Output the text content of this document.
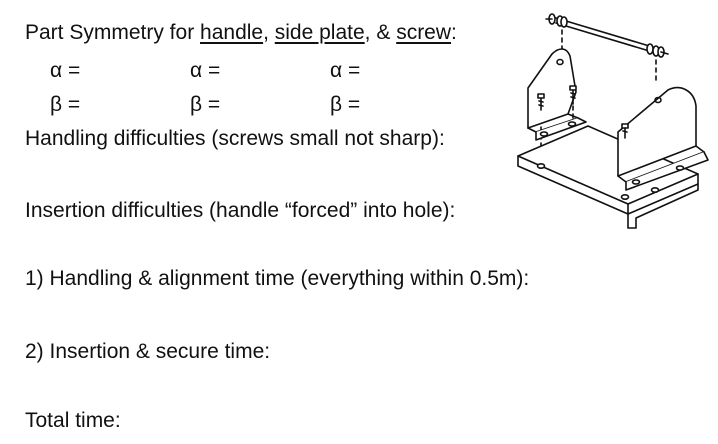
Part Symmetry for handle, side plate, & screw:
α =	α =	α =
β =	β =	β =
Handling difficulties (screws small not sharp):
Insertion difficulties (handle “forced” into hole):
1) Handling & alignment time (everything within 0.5m):
2) Insertion & secure time:
Total time:
